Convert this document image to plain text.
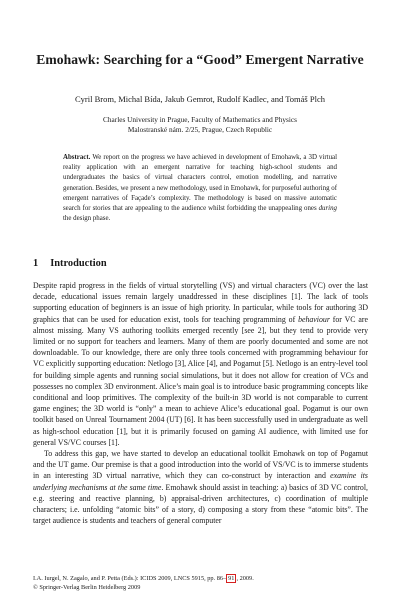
Emohawk: Searching for a “Good” Emergent Narrative
Cyril Brom, Michal Bída, Jakub Gemrot, Rudolf Kadlec, and Tomáš Plch
Charles University in Prague, Faculty of Mathematics and Physics
Malostranské nám. 2/25, Prague, Czech Republic
Abstract. We report on the progress we have achieved in development of Emohawk, a 3D virtual reality application with an emergent narrative for teaching high-school students and undergraduates the basics of virtual characters control, emotion modelling, and narrative generation. Besides, we present a new methodology, used in Emohawk, for purposeful authoring of emergent narratives of Façade’s complexity. The methodology is based on massive automatic search for stories that are appealing to the audience whilst forbidding the unappealing ones during the design phase.
1 Introduction

Despite rapid progress in the fields of virtual storytelling (VS) and virtual characters (VC) over the last decade, educational issues remain largely unaddressed in these disciplines [1]. The lack of tools supporting education of beginners is an issue of high priority. In particular, while tools for authoring 3D graphics that can be used for education exist, tools for teaching programming of behaviour for VC are almost missing. Many VS authoring toolkits emerged recently [see 2], but they tend to provide very limited or no support for teachers and learners. Many of them are poorly documented and some are not downloadable. To our knowledge, there are only three tools concerned with programming behaviour for VC explicitly supporting education: Netlogo [3], Alice [4], and Pogamut [5]. Netlogo is an entry-level tool for building simple agents and running social simulations, but it does not allow for creation of VCs and possesses no complex 3D environment. Alice’s main goal is to introduce basic programming concepts like conditional and loop primitives. The complexity of the built-in 3D world is not comparable to current game engines; the 3D world is “only” a mean to achieve Alice’s educational goal. Pogamut is our own toolkit based on Unreal Tournament 2004 (UT) [6]. It has been successfully used in undergraduate as well as high-school education [1], but it is primarily focused on gaming AI audience, with limited use for general VS/VC courses [1].

To address this gap, we have started to develop an educational toolkit Emohawk on top of Pogamut and the UT game. Our premise is that a good introduction into the world of VS/VC is to immerse students in an interesting 3D virtual narrative, which they can co-construct by interaction and examine its underlying mechanisms at the same time. Emohawk should assist in teaching: a) basics of 3D VC control, e.g. steering and reactive planning, b) appraisal-driven architectures, c) coordination of multiple characters; i.e. unfolding “atomic bits” of a story, d) composing a story from these “atomic bits”. The target audience is students and teachers of general computer

I.A. Iurgel, N. Zagalo, and P. Petta (Eds.): ICIDS 2009, LNCS 5915, pp. 86– 91 , 2009.
© Springer-Verlag Berlin Heidelberg 2009
